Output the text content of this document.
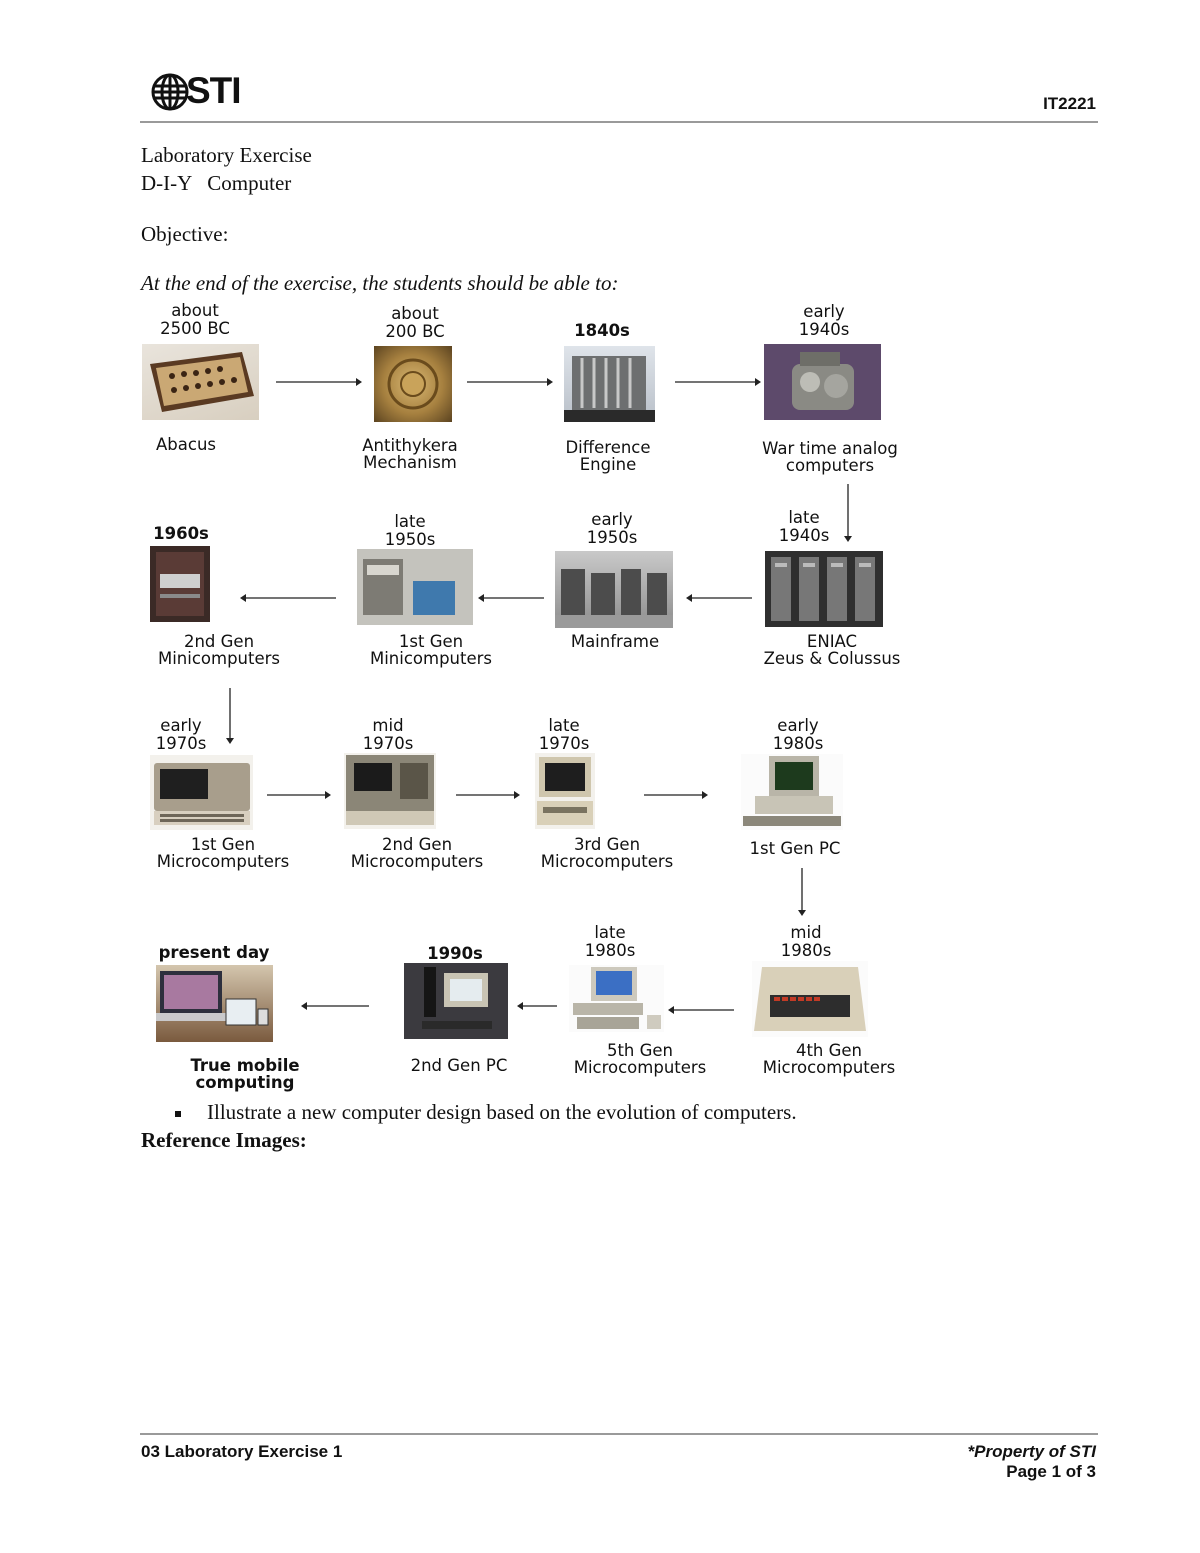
STI	IT2221
Laboratory Exercise
D-I-Y   Computer
Objective:
At the end of the exercise, the students should be able to:
about
2500 BC
Abacus
about
200 BC
Antithykera
Mechanism
1840s
Difference
Engine
early
1940s
War time analog
computers
late
1940s
ENIAC
Zeus & Colussus
early
1950s
Mainframe
late
1950s
1st Gen
Minicomputers
1960s
2nd Gen
Minicomputers
early
1970s
1st Gen
Microcomputers
mid
1970s
2nd Gen
Microcomputers
late
1970s
3rd Gen
Microcomputers
early
1980s
1st Gen PC
mid
1980s
4th Gen
Microcomputers
late
1980s
5th Gen
Microcomputers
1990s
2nd Gen PC
present day
True mobile computing
Illustrate a new computer design based on the evolution of computers.
Reference Images:
03 Laboratory Exercise 1	*Property of STI
Page 1 of 3
